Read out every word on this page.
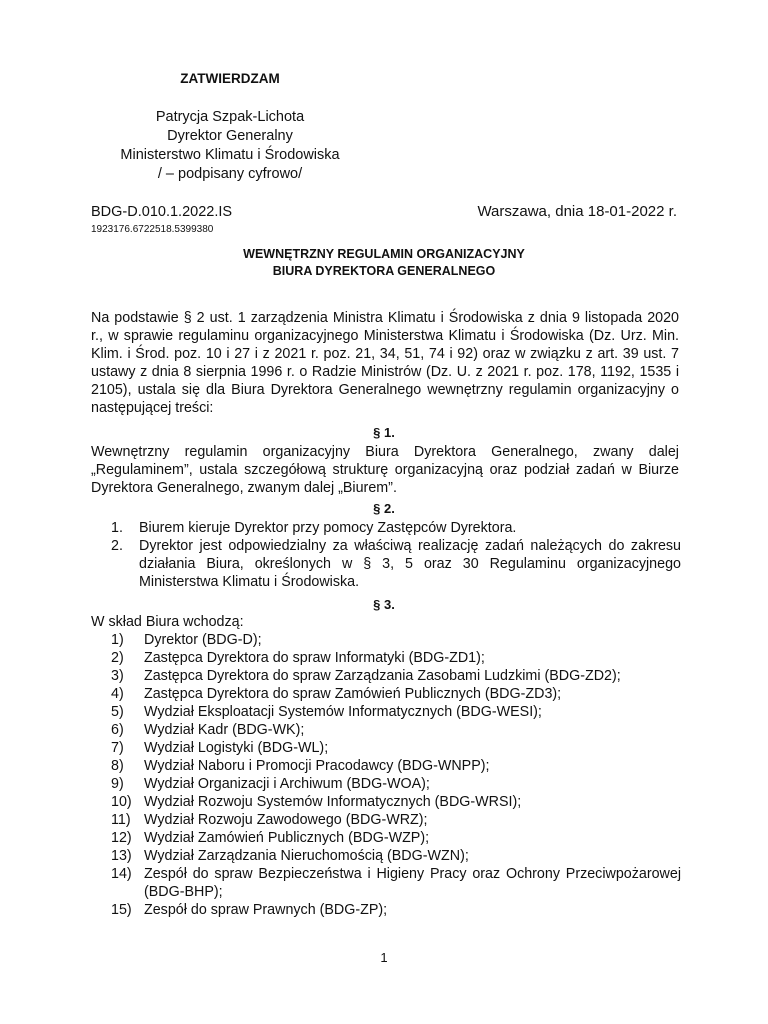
ZATWIERDZAM
Patrycja Szpak-Lichota
Dyrektor Generalny
Ministerstwo Klimatu i Środowiska
/ – podpisany cyfrowo/
BDG-D.010.1.2022.IS	Warszawa, dnia 18-01-2022 r.
1923176.6722518.5399380
WEWNĘTRZNY REGULAMIN ORGANIZACYJNY
BIURA DYREKTORA GENERALNEGO
Na podstawie § 2 ust. 1 zarządzenia Ministra Klimatu i Środowiska z dnia 9 listopada 2020 r., w sprawie regulaminu organizacyjnego Ministerstwa Klimatu i Środowiska (Dz. Urz. Min. Klim. i Środ. poz. 10 i 27 i z 2021 r. poz. 21, 34, 51, 74 i 92) oraz w związku z art. 39 ust. 7 ustawy z dnia 8 sierpnia 1996 r. o Radzie Ministrów (Dz. U. z 2021 r. poz. 178, 1192, 1535 i 2105), ustala się dla Biura Dyrektora Generalnego wewnętrzny regulamin organizacyjny o następującej treści:
§ 1.
Wewnętrzny regulamin organizacyjny Biura Dyrektora Generalnego, zwany dalej „Regulaminem”, ustala szczegółową strukturę organizacyjną oraz podział zadań w Biurze Dyrektora Generalnego, zwanym dalej „Biurem”.
§ 2.
1. Biurem kieruje Dyrektor przy pomocy Zastępców Dyrektora.
2. Dyrektor jest odpowiedzialny za właściwą realizację zadań należących do zakresu działania Biura, określonych w § 3, 5 oraz 30 Regulaminu organizacyjnego Ministerstwa Klimatu i Środowiska.
§ 3.
W skład Biura wchodzą:
1)	Dyrektor (BDG-D);
2)	Zastępca Dyrektora do spraw Informatyki (BDG-ZD1);
3)	Zastępca Dyrektora do spraw Zarządzania Zasobami Ludzkimi (BDG-ZD2);
4)	Zastępca Dyrektora do spraw Zamówień Publicznych (BDG-ZD3);
5)	Wydział Eksploatacji Systemów Informatycznych (BDG-WESI);
6)	Wydział Kadr (BDG-WK);
7)	Wydział Logistyki (BDG-WL);
8)	Wydział Naboru i Promocji Pracodawcy (BDG-WNPP);
9)	Wydział Organizacji i Archiwum (BDG-WOA);
10) Wydział Rozwoju Systemów Informatycznych (BDG-WRSI);
11) Wydział Rozwoju Zawodowego (BDG-WRZ);
12) Wydział Zamówień Publicznych (BDG-WZP);
13) Wydział Zarządzania Nieruchomością (BDG-WZN);
14) Zespół do spraw Bezpieczeństwa i Higieny Pracy oraz Ochrony Przeciwpożarowej (BDG-BHP);
15) Zespół do spraw Prawnych (BDG-ZP);
1
